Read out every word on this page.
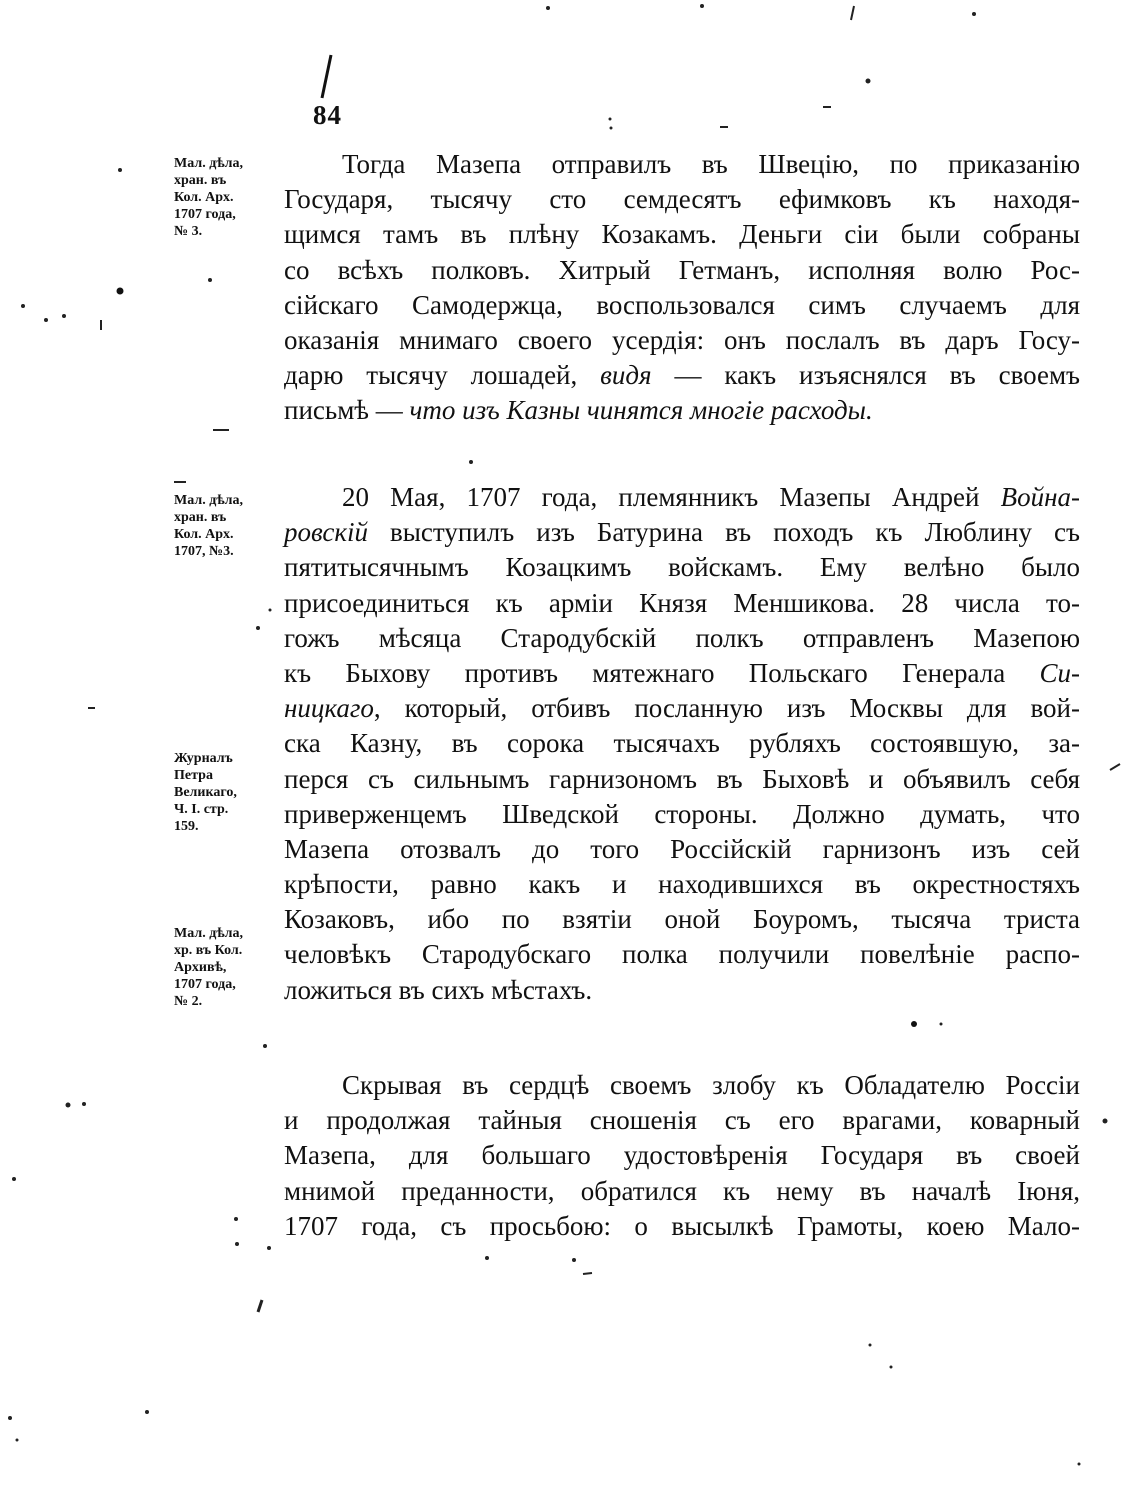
84
Мал. дѣла,
хран. въ
Кол. Арх.
1707 года,
№ 3.
Тогда Мазепа отправилъ въ Швецію, по приказанію
Государя, тысячу сто семдесятъ ефимковъ къ находя-
щимся тамъ въ плѣну Козакамъ. Деньги сіи были собраны
со всѣхъ полковъ. Хитрый Гетманъ, исполняя волю Рос-
сійскаго Самодержца, воспользовался симъ случаемъ для
оказанія мнимаго своего усердія: онъ послалъ въ даръ Госу-
дарю тысячу лошадей, видя — какъ изъяснялся въ своемъ
письмѣ — что изъ Казны чинятся многіе расходы.
Мал. дѣла,
хран. въ
Кол. Арх.
1707, №3.
20 Мая, 1707 года, племянникъ Мазепы Андрей Война-
ровскій выступилъ изъ Батурина въ походъ къ Люблину съ
пятитысячнымъ Козацкимъ войскамъ. Ему велѣно было
присоединиться къ арміи Князя Меншикова. 28 числа то-
гожъ мѣсяца Стародубскій полкъ отправленъ Мазепою
къ Быхову противъ мятежнаго Польскаго Генерала Си-
ницкаго, который, отбивъ посланную изъ Москвы для вой-
ска Казну, въ сорока тысячахъ рубляхъ состоявшую, за-
перся съ сильнымъ гарнизономъ въ Быховѣ и объявилъ себя
приверженцемъ Шведской стороны. Должно думать, что
Мазепа отозвалъ до того Россійскій гарнизонъ изъ сей
крѣпости, равно какъ и находившихся въ окрестностяхъ
Козаковъ, ибо по взятіи оной Боуромъ, тысяча триста
человѣкъ Стародубскаго полка получили повелѣніе распо-
ложиться въ сихъ мѣстахъ.
Журналъ
Петра
Великаго,
Ч. I. стр.
159.
Мал. дѣла,
хр. въ Кол.
Архивѣ,
1707 года,
№ 2.
Скрывая въ сердцѣ своемъ злобу къ Обладателю Россіи
и продолжая тайныя сношенія съ его врагами, коварный
Мазепа, для большаго удостовѣренія Государя въ своей
мнимой преданности, обратился къ нему въ началѣ Іюня,
1707 года, съ просьбою: о высылкѣ Грамоты, коею Мало-
